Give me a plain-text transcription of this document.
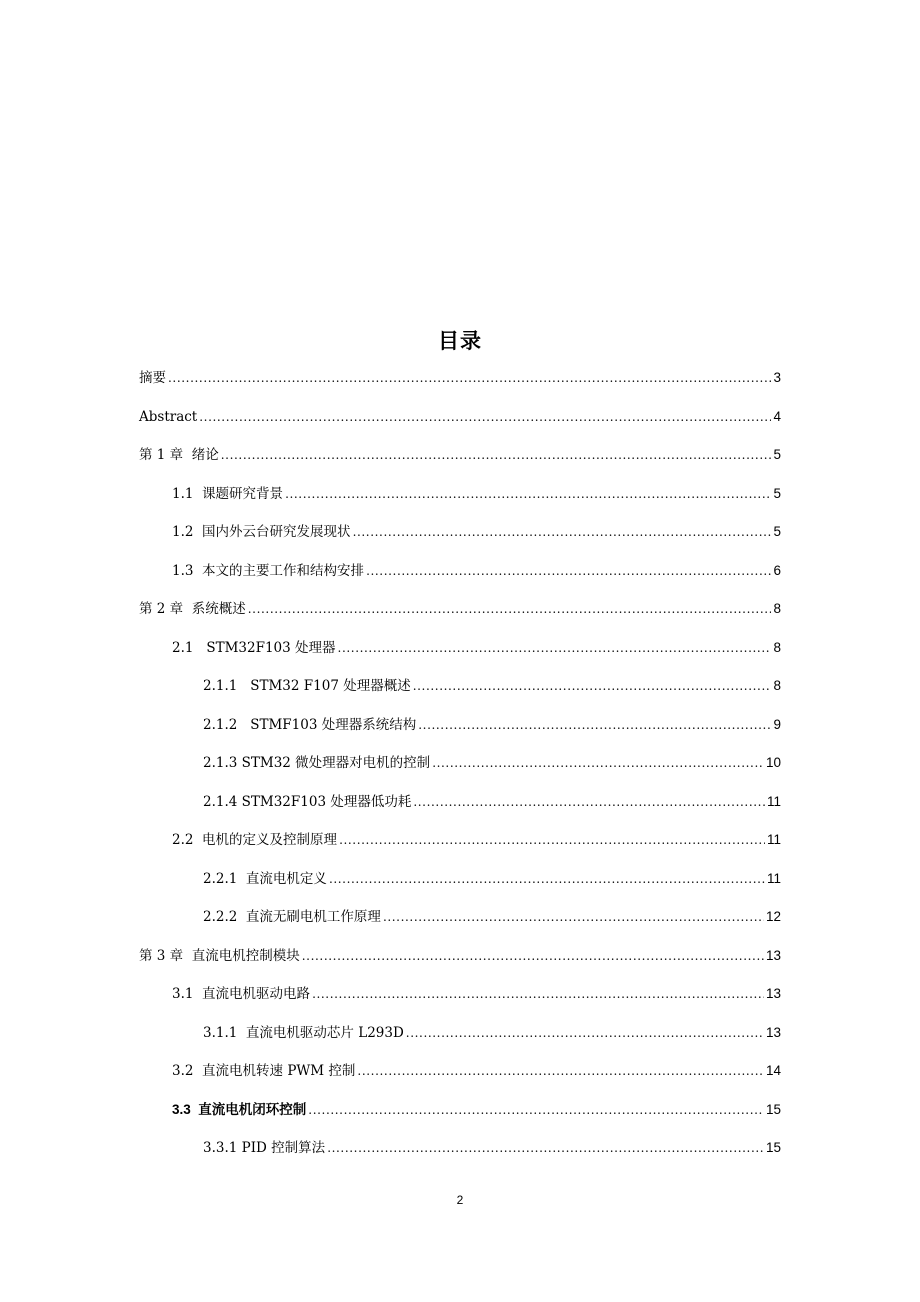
目录
摘要 .....	3
Abstract .....	4
第 1 章  绪论 .....	5
1.1  课题研究背景 .....	5
1.2  国内外云台研究发展现状 .....	5
1.3  本文的主要工作和结构安排 .....	6
第 2 章  系统概述 .....	8
2.1   STM32F103 处理器 .....	8
2.1.1   STM32 F107 处理器概述 .....	8
2.1.2   STMF103 处理器系统结构 .....	9
2.1.3 STM32 微处理器对电机的控制 .....	10
2.1.4 STM32F103 处理器低功耗 .....	11
2.2  电机的定义及控制原理 .....	11
2.2.1  直流电机定义 .....	11
2.2.2  直流无刷电机工作原理 .....	12
第 3 章  直流电机控制模块 .....	13
3.1  直流电机驱动电路 .....	13
3.1.1  直流电机驱动芯片 L293D .....	13
3.2  直流电机转速 PWM 控制 .....	14
3.3  直流电机闭环控制 .....	15
3.3.1 PID 控制算法 .....	15
2
